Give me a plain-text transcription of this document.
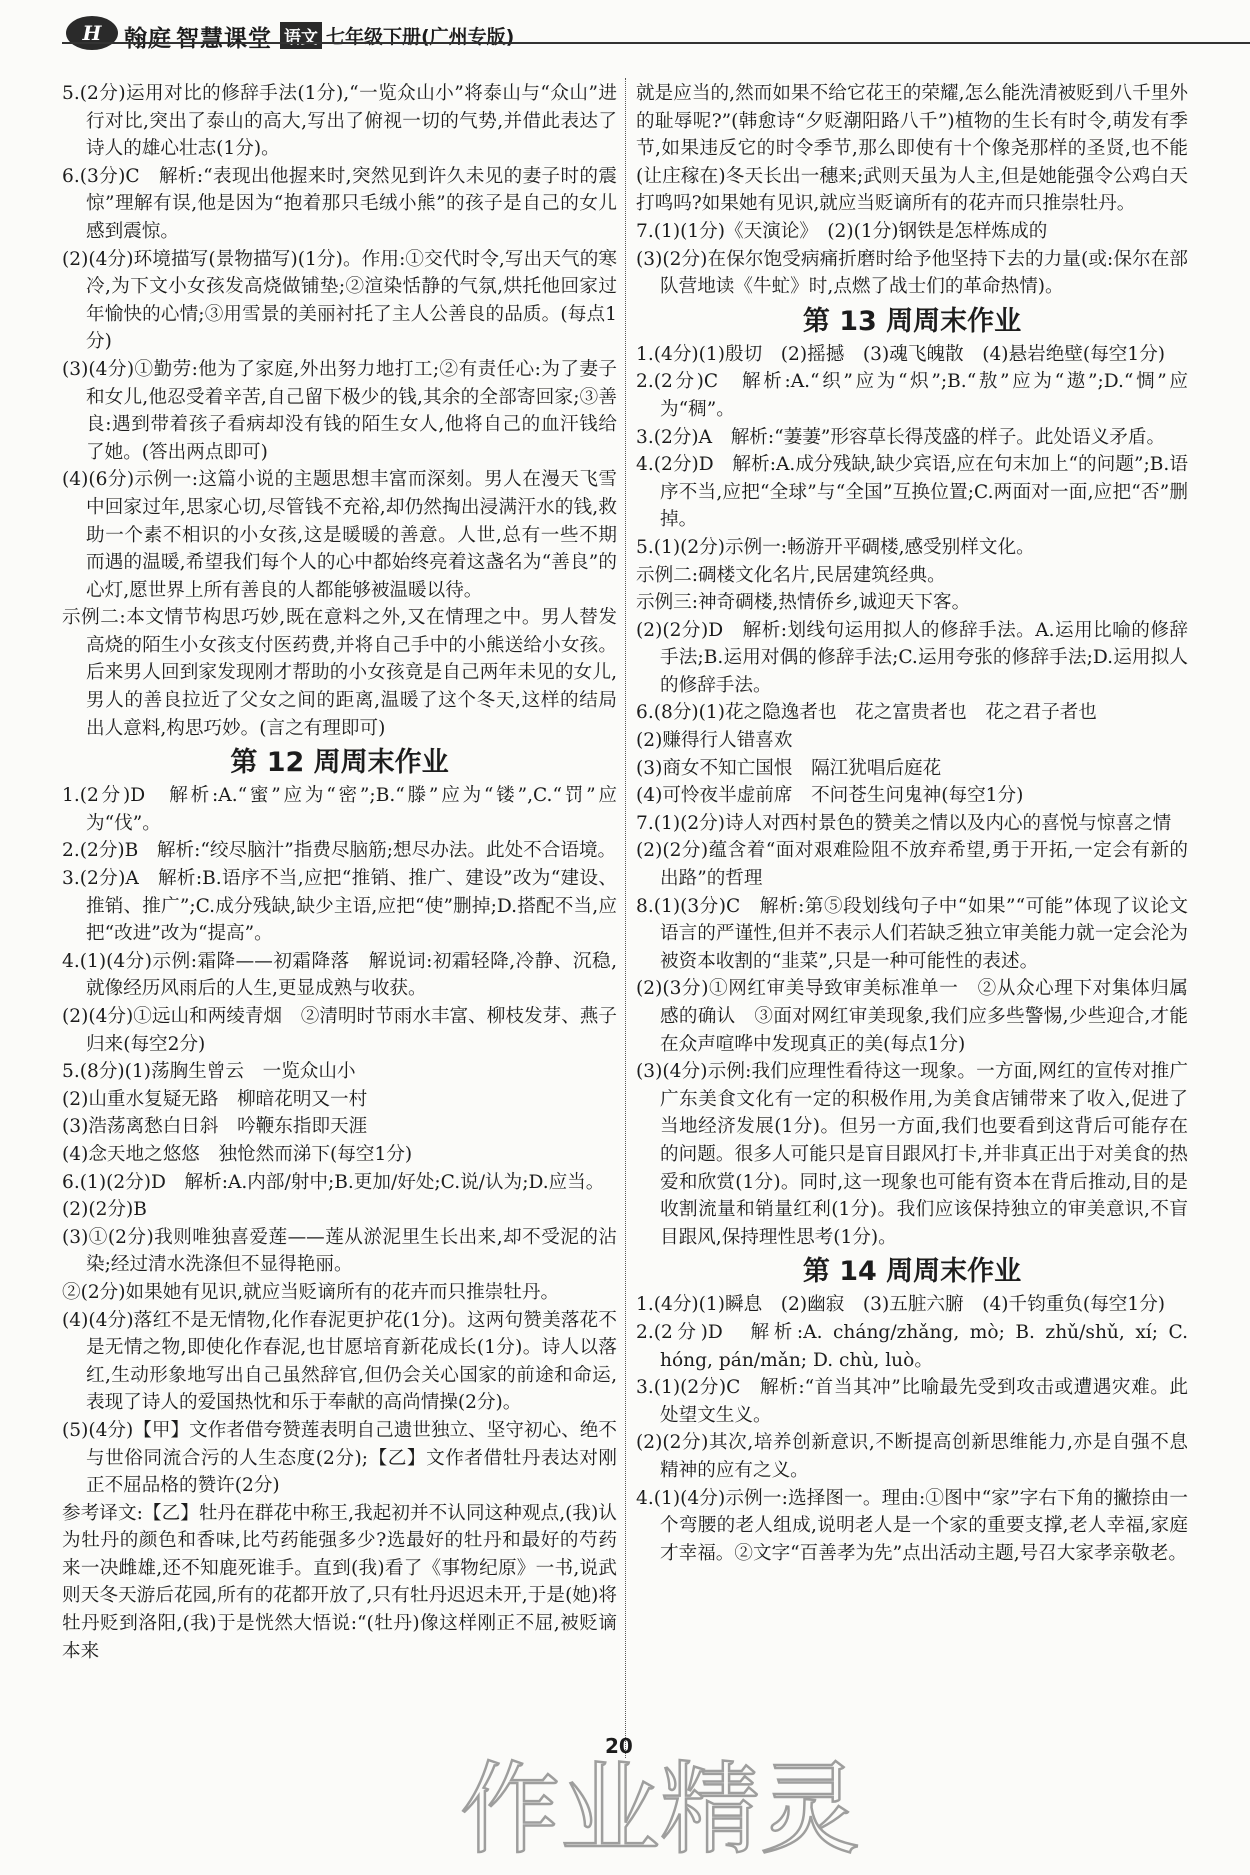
H 翰庭 智慧课堂 语文 七年级下册(广州专版)

5.(2分)运用对比的修辞手法(1分),“一览众山小”将泰山与“众山”进行对比,突出了泰山的高大,写出了俯视一切的气势,并借此表达了诗人的雄心壮志(1分)。

6.(3分)C　解析:“表现出他握来时,突然见到许久未见的妻子时的震惊”理解有误,他是因为“抱着那只毛绒小熊”的孩子是自己的女儿感到震惊。

(2)(4分)环境描写(景物描写)(1分)。作用:①交代时令,写出天气的寒冷,为下文小女孩发高烧做铺垫;②渲染恬静的气氛,烘托他回家过年愉快的心情;③用雪景的美丽衬托了主人公善良的品质。(每点1分)

(3)(4分)①勤劳:他为了家庭,外出努力地打工;②有责任心:为了妻子和女儿,他忍受着辛苦,自己留下极少的钱,其余的全部寄回家;③善良:遇到带着孩子看病却没有钱的陌生女人,他将自己的血汗钱给了她。(答出两点即可)

(4)(6分)示例一:这篇小说的主题思想丰富而深刻。男人在漫天飞雪中回家过年,思家心切,尽管钱不充裕,却仍然掏出浸满汗水的钱,救助一个素不相识的小女孩,这是暖暖的善意。人世,总有一些不期而遇的温暖,希望我们每个人的心中都始终亮着这盏名为“善良”的心灯,愿世界上所有善良的人都能够被温暖以待。

示例二:本文情节构思巧妙,既在意料之外,又在情理之中。男人替发高烧的陌生小女孩支付医药费,并将自己手中的小熊送给小女孩。后来男人回到家发现刚才帮助的小女孩竟是自己两年未见的女儿,男人的善良拉近了父女之间的距离,温暖了这个冬天,这样的结局出人意料,构思巧妙。(言之有理即可)

第 12 周周末作业

1.(2分)D　解析:A.“蜜”应为“密”;B.“滕”应为“镂”,C.“罚”应为“伐”。

2.(2分)B　解析:“绞尽脑汁”指费尽脑筋;想尽办法。此处不合语境。

3.(2分)A　解析:B.语序不当,应把“推销、推广、建设”改为“建设、推销、推广”;C.成分残缺,缺少主语,应把“使”删掉;D.搭配不当,应把“改进”改为“提高”。

4.(1)(4分)示例:霜降——初霜降落　解说词:初霜轻降,冷静、沉稳,就像经历风雨后的人生,更显成熟与收获。

(2)(4分)①远山和两绫青烟　②清明时节雨水丰富、柳枝发芽、燕子归来(每空2分)

5.(8分)(1)荡胸生曾云　一览众山小

(2)山重水复疑无路　柳暗花明又一村

(3)浩荡离愁白日斜　吟鞭东指即天涯

(4)念天地之悠悠　独怆然而涕下(每空1分)

6.(1)(2分)D　解析:A.内部/射中;B.更加/好处;C.说/认为;D.应当。

(2)(2分)B

(3)①(2分)我则唯独喜爱莲——莲从淤泥里生长出来,却不受泥的沾染;经过清水洗涤但不显得艳丽。

②(2分)如果她有见识,就应当贬谪所有的花卉而只推崇牡丹。

(4)(4分)落红不是无情物,化作春泥更护花(1分)。这两句赞美落花不是无情之物,即使化作春泥,也甘愿培育新花成长(1分)。诗人以落红,生动形象地写出自己虽然辞官,但仍会关心国家的前途和命运,表现了诗人的爱国热忱和乐于奉献的高尚情操(2分)。

(5)(4分)【甲】文作者借夸赞莲表明自己遗世独立、坚守初心、绝不与世俗同流合污的人生态度(2分);【乙】文作者借牡丹表达对刚正不屈品格的赞许(2分)

参考译文:【乙】牡丹在群花中称王,我起初并不认同这种观点,(我)认为牡丹的颜色和香味,比芍药能强多少?选最好的牡丹和最好的芍药来一决雌雄,还不知鹿死谁手。直到(我)看了《事物纪原》一书,说武则天冬天游后花园,所有的花都开放了,只有牡丹迟迟未开,于是(她)将牡丹贬到洛阳,(我)于是恍然大悟说:“(牡丹)像这样刚正不屈,被贬谪本来

就是应当的,然而如果不给它花王的荣耀,怎么能洗清被贬到八千里外的耻辱呢?”(韩愈诗“夕贬潮阳路八千”)植物的生长有时令,萌发有季节,如果违反它的时令季节,那么即使有十个像尧那样的圣贤,也不能(让庄稼在)冬天长出一穗来;武则天虽为人主,但是她能强令公鸡白天打鸣吗?如果她有见识,就应当贬谪所有的花卉而只推崇牡丹。

7.(1)(1分)《天演论》　(2)(1分)钢铁是怎样炼成的

(3)(2分)在保尔饱受病痛折磨时给予他坚持下去的力量(或:保尔在部队营地读《牛虻》时,点燃了战士们的革命热情)。

第 13 周周末作业

1.(4分)(1)殷切　(2)摇撼　(3)魂飞魄散　(4)悬岩绝壁(每空1分)

2.(2分)C　解析:A.“织”应为“炽”;B.“敖”应为“遨”;D.“惆”应为“稠”。

3.(2分)A　解析:“萋萋”形容草长得茂盛的样子。此处语义矛盾。

4.(2分)D　解析:A.成分残缺,缺少宾语,应在句末加上“的问题”;B.语序不当,应把“全球”与“全国”互换位置;C.两面对一面,应把“否”删掉。

5.(1)(2分)示例一:畅游开平碉楼,感受别样文化。

示例二:碉楼文化名片,民居建筑经典。

示例三:神奇碉楼,热情侨乡,诚迎天下客。

(2)(2分)D　解析:划线句运用拟人的修辞手法。A.运用比喻的修辞手法;B.运用对偶的修辞手法;C.运用夸张的修辞手法;D.运用拟人的修辞手法。

6.(8分)(1)花之隐逸者也　花之富贵者也　花之君子者也

(2)赚得行人错喜欢

(3)商女不知亡国恨　隔江犹唱后庭花

(4)可怜夜半虚前席　不问苍生问鬼神(每空1分)

7.(1)(2分)诗人对西村景色的赞美之情以及内心的喜悦与惊喜之情

(2)(2分)蕴含着“面对艰难险阻不放弃希望,勇于开拓,一定会有新的出路”的哲理

8.(1)(3分)C　解析:第⑤段划线句子中“如果”“可能”体现了议论文语言的严谨性,但并不表示人们若缺乏独立审美能力就一定会沦为被资本收割的“韭菜”,只是一种可能性的表述。

(2)(3分)①网红审美导致审美标准单一　②从众心理下对集体归属感的确认　③面对网红审美现象,我们应多些警惕,少些迎合,才能在众声喧哗中发现真正的美(每点1分)

(3)(4分)示例:我们应理性看待这一现象。一方面,网红的宣传对推广广东美食文化有一定的积极作用,为美食店铺带来了收入,促进了当地经济发展(1分)。但另一方面,我们也要看到这背后可能存在的问题。很多人可能只是盲目跟风打卡,并非真正出于对美食的热爱和欣赏(1分)。同时,这一现象也可能有资本在背后推动,目的是收割流量和销量红利(1分)。我们应该保持独立的审美意识,不盲目跟风,保持理性思考(1分)。

第 14 周周末作业

1.(4分)(1)瞬息　(2)幽寂　(3)五脏六腑　(4)千钧重负(每空1分)

2.(2分)D　解析:A. cháng/zhǎng, mò; B. zhǔ/shǔ, xí; C. hóng, pán/mǎn; D. chù, luò。

3.(1)(2分)C　解析:“首当其冲”比喻最先受到攻击或遭遇灾难。此处望文生义。

(2)(2分)其次,培养创新意识,不断提高创新思维能力,亦是自强不息精神的应有之义。

4.(1)(4分)示例一:选择图一。理由:①图中“家”字右下角的撇捺由一个弯腰的老人组成,说明老人是一个家的重要支撑,老人幸福,家庭才幸福。②文字“百善孝为先”点出活动主题,号召大家孝亲敬老。

20
作业精灵
